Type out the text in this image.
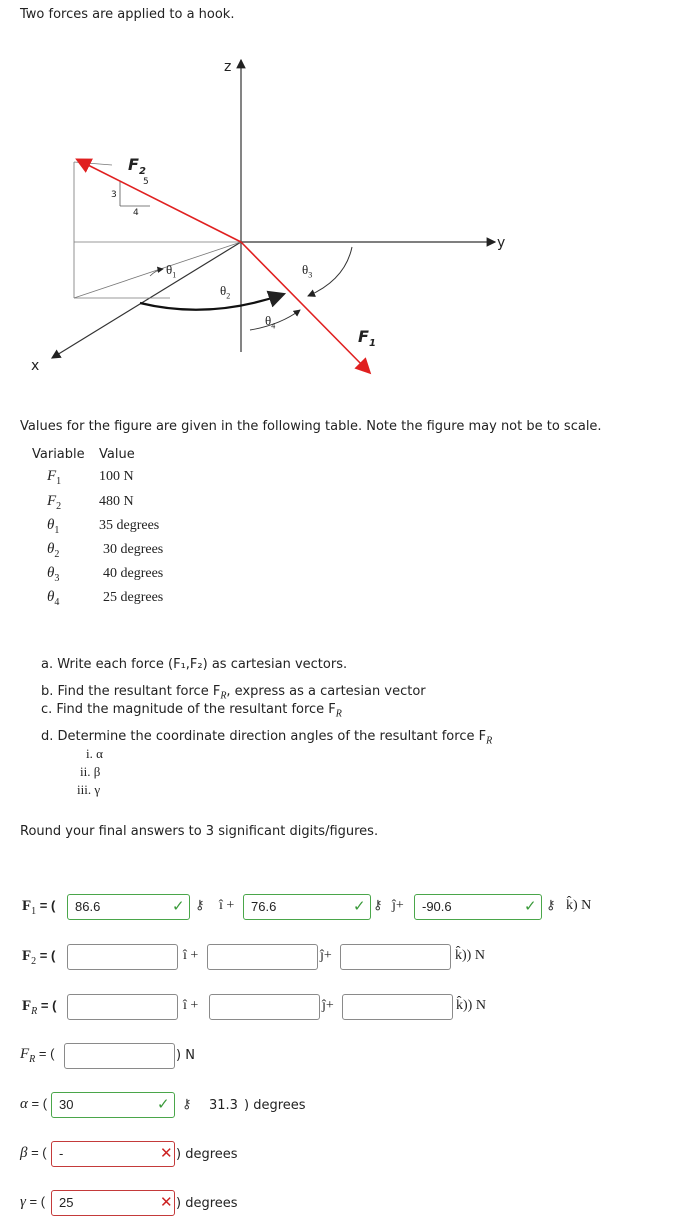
Two forces are applied to a hook.
z
y
x
$F_2$
$F_1$
5
3
4
$\theta_1$
$\theta_2$
$\theta_3$
$\theta_4$
Values for the figure are given in the following table. Note the figure may not be to scale.
Variable Value
$F_1$	100 N
$F_2$	480 N
$\theta_1$	35 degrees
$\theta_2$	30 degrees
$\theta_3$	40 degrees
$\theta_4$	25 degrees
a. Write each force (F₁,F₂) as cartesian vectors.
b. Find the resultant force $F_R$, express as a cartesian vector
c. Find the magnitude of the resultant force $F_R$
d. Determine the coordinate direction angles of the resultant force $F_R$
i. α
ii. β
iii. γ
Round your final answers to 3 significant digits/figures.
$F_1$ = (	86.6	✓ ⚷ î +	76.6	✓ ⚷ ĵ+	-90.6	✓ ⚷ k̂) N
$F_2$ = (	î +	ĵ+	k̂)) N
$F_R$ = (	î +	ĵ+	k̂)) N
$F_R$ = (	) N
α = ( 30	✓ ⚷ 31.3 ) degrees
β = ( -	✕ ) degrees
γ = (	25	✕ ) degrees
